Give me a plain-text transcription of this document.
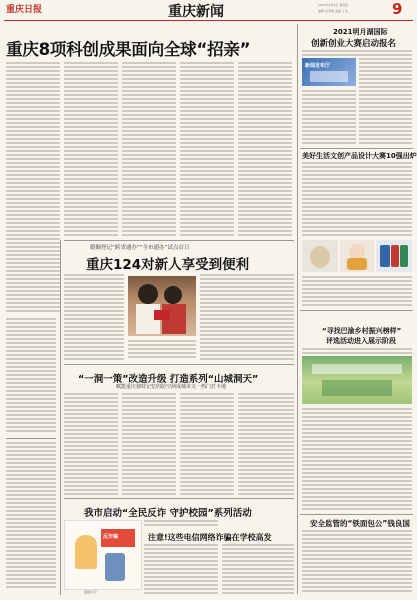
重庆日报	重庆新闻	2021年4月9日 星期五
编辑 何雪峰 美编 丁龙	9
重庆8项科创成果面向全球“招亲”
2021明月湖国际
创新创业大赛启动报名
新闻发布厅
美好生活文创产品设计大赛10强出炉
“寻找巴渝乡村振兴榜样”
评选活动进入展示阶段
安全监管的“铁面包公”钱良国
婚姻登记“跨省通办”“全市通办”试点首日
重庆124对新人享受到便利
“一洞一策”改造升级 打造系列“山城洞天”
赋能重庆独特记忆的防空洞成城市又一热门打卡地
我市启动“全民反诈 守护校园”系列活动
注意!这些电信网络诈骗在学校高发
反诈骗
漫画/乔宇
